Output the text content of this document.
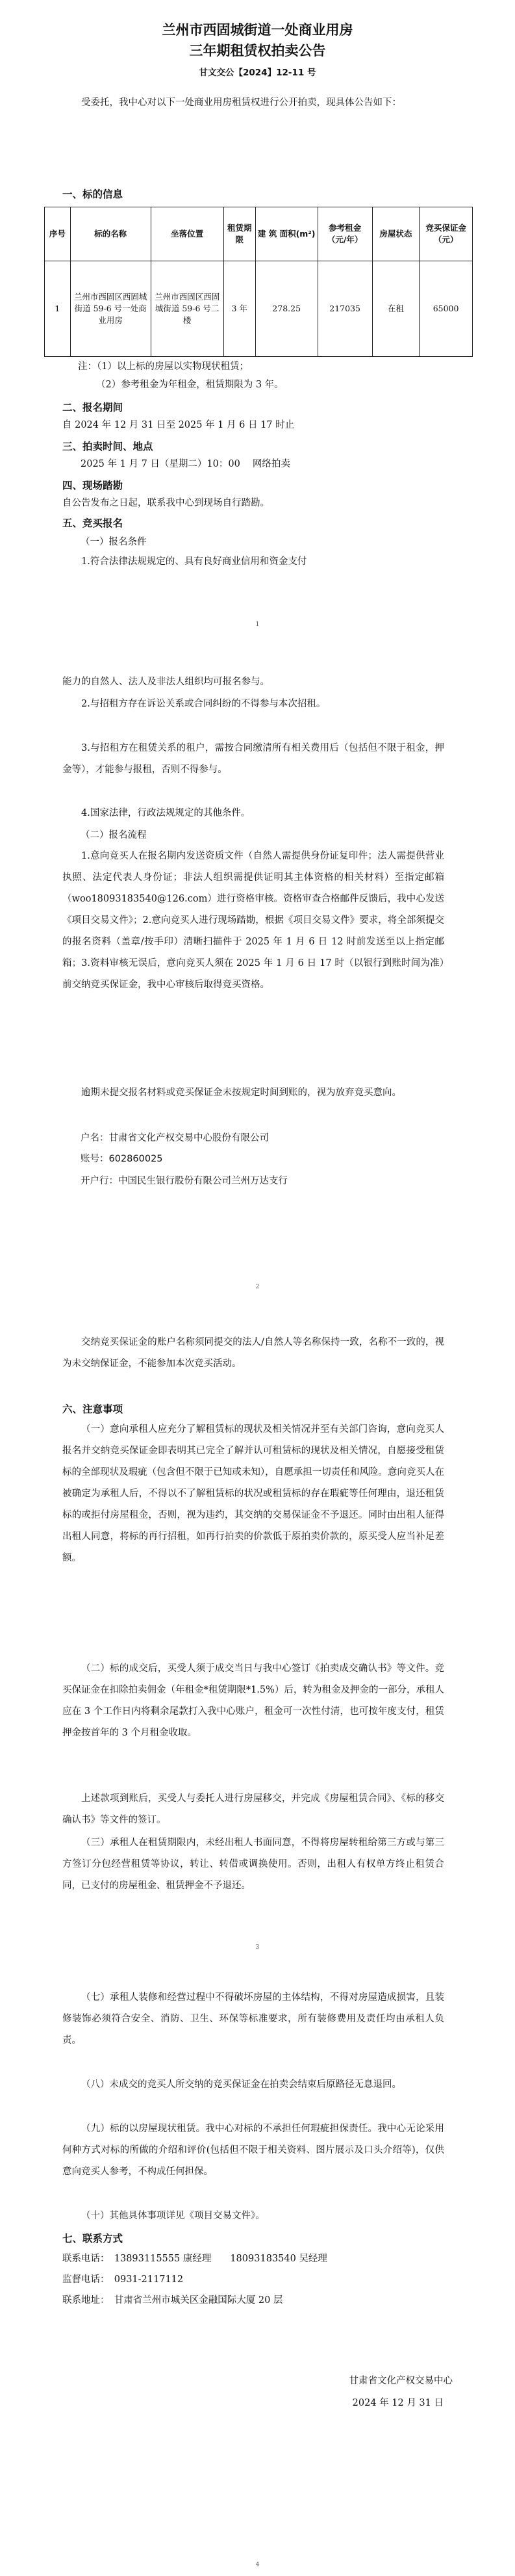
兰州市西固城街道一处商业用房
三年期租赁权拍卖公告
甘文交公【2024】12-11 号

受委托，我中心对以下一处商业用房租赁权进行公开拍卖，现具体公告如下：

一、标的信息
序号	标的名称	坐落位置	租赁期限	建 筑 面积(m²)	参考租金（元/年）	房屋状态	竞买保证金（元）
1	兰州市西固区西固城街道 59-6 号一处商业用房	兰州市西固区西固城街道 59-6 号二楼	3 年	278.25	217035	在租	65000
注：（1）以上标的房屋以实物现状租赁；
（2）参考租金为年租金，租赁期限为 3 年。
二、报名期间
自 2024 年 12 月 31 日至 2025 年 1 月 6 日 17 时止
三、拍卖时间、地点
2025 年 1 月 7 日（星期二）10：00　 网络拍卖
四、现场踏勘
自公告发布之日起，联系我中心到现场自行踏勘。
五、竞买报名
（一）报名条件

1.符合法律法规规定的、具有良好商业信用和资金支付

1

能力的自然人、法人及非法人组织均可报名参与。

2.与招租方存在诉讼关系或合同纠纷的不得参与本次招租。

3.与招租方在租赁关系的租户，需按合同缴清所有相关费用后（包括但不限于租金，押金等），才能参与报租，否则不得参与。

4.国家法律，行政法规规定的其他条件。

（二）报名流程

1.意向竞买人在报名期内发送资质文件（自然人需提供身份证复印件；法人需提供营业执照、法定代表人身份证；非法人组织需提供证明其主体资格的相关材料）至指定邮箱（woo18093183540@126.com）进行资格审核。资格审查合格邮件反馈后，我中心发送《项目交易文件》；2.意向竞买人进行现场踏勘，根据《项目交易文件》要求，将全部须提交的报名资料（盖章/按手印）清晰扫描件于 2025 年 1 月 6 日 12 时前发送至以上指定邮箱；3.资料审核无误后，意向竞买人须在 2025 年 1 月 6 日 17 时（以银行到账时间为准）前交纳竞买保证金，我中心审核后取得竞买资格。

逾期未提交报名材料或竞买保证金未按规定时间到账的，视为放弃竞买意向。

户名：甘肃省文化产权交易中心股份有限公司
账号：602860025
开户行：中国民生银行股份有限公司兰州万达支行
2

交纳竞买保证金的账户名称须同提交的法人/自然人等名称保持一致，名称不一致的，视为未交纳保证金，不能参加本次竞买活动。

六、注意事项

（一）意向承租人应充分了解租赁标的现状及相关情况并至有关部门咨询，意向竞买人报名并交纳竞买保证金即表明其已完全了解并认可租赁标的现状及相关情况，自愿接受租赁标的全部现状及瑕疵（包含但不限于已知或未知），自愿承担一切责任和风险。意向竞买人在被确定为承租人后，不得以不了解租赁标的状况或租赁标的存在瑕疵等任何理由，退还租赁标的或拒付房屋租金，否则，视为违约，其交纳的交易保证金不予退还。同时由出租人征得出租人同意，将标的再行招租，如再行拍卖的价款低于原拍卖价款的，原买受人应当补足差额。

（二）标的成交后，买受人须于成交当日与我中心签订《拍卖成交确认书》等文件。竞买保证金在扣除拍卖佣金（年租金*租赁期限*1.5%）后，转为租金及押金的一部分，承租人应在 3 个工作日内将剩余尾款打入我中心账户，租金可一次性付清，也可按年度支付，租赁押金按首年的 3 个月租金收取。

上述款项到账后，买受人与委托人进行房屋移交，并完成《房屋租赁合同》、《标的移交确认书》等文件的签订。

（三）承租人在租赁期限内，未经出租人书面同意，不得将房屋转租给第三方或与第三方签订分包经营租赁等协议，转让、转借或调换使用。否则，出租人有权单方终止租赁合同，已支付的房屋租金、租赁押金不予退还。

3

（七）承租人装修和经营过程中不得破坏房屋的主体结构，不得对房屋造成损害，且装修装饰必须符合安全、消防、卫生、环保等标准要求，所有装修费用及责任均由承租人负责。

（八）未成交的竞买人所交纳的竞买保证金在拍卖会结束后原路径无息退回。

（九）标的以房屋现状租赁。我中心对标的不承担任何瑕疵担保责任。我中心无论采用何种方式对标的所做的介绍和评价(包括但不限于相关资料、图片展示及口头介绍等)，仅供意向竞买人参考，不构成任何担保。

（十）其他具体事项详见《项目交易文件》。

七、联系方式
联系电话：　13893115555 康经理　　18093183540 吴经理
监督电话：　0931-2117112
联系地址：　甘肃省兰州市城关区金融国际大厦 20 层
甘肃省文化产权交易中心
2024 年 12 月 31 日
4
